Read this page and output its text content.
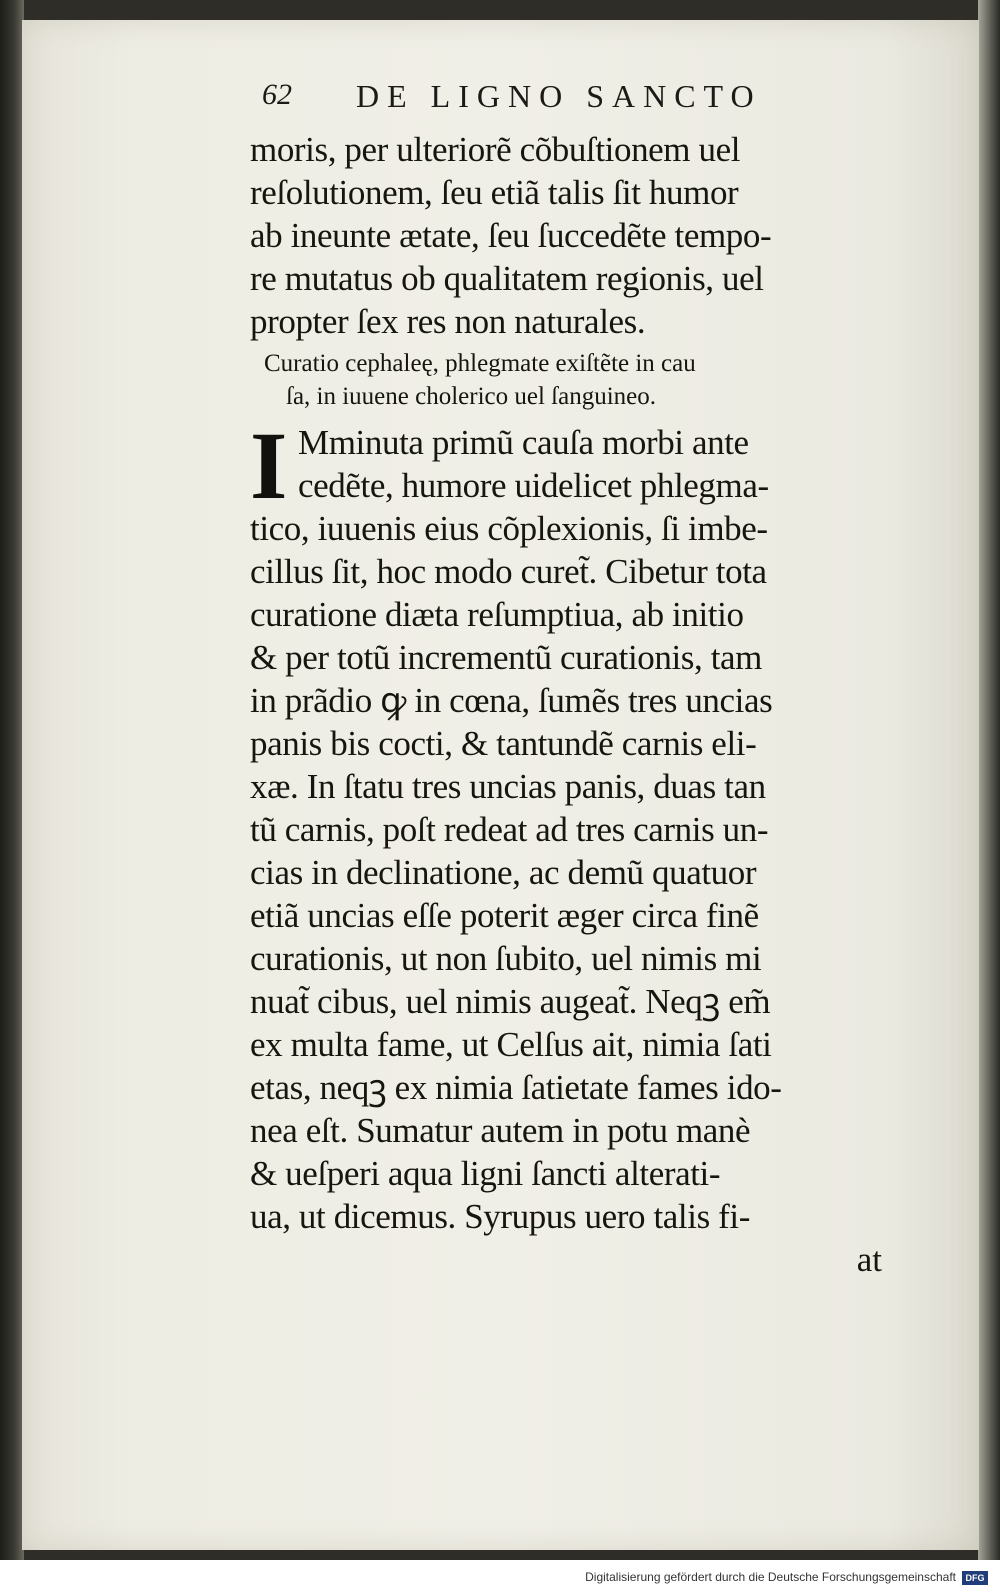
62 DE LIGNO SANCTO
moris, per ulteriorẽ cõbuſtionem uel
reſolutionem, ſeu etiã talis ſit humor
ab ineunte ætate, ſeu ſuccedẽte tempo-
re mutatus ob qualitatem regionis, uel
propter ſex res non naturales.
Curatio cephaleę, phlegmate exiſtẽte in cau
ſa, in iuuene cholerico uel ſanguineo.
I Mminuta primũ cauſa morbi ante
cedẽte, humore uidelicet phlegma-
tico, iuuenis eius cõplexionis, ſi imbe-
cillus ſit, hoc modo curet̃. Cibetur tota
curatione diæta reſumptiua, ab initio
& per totũ incrementũ curationis, tam
in prãdio ꝙ in cœna, ſumẽs tres uncias
panis bis cocti, & tantundẽ carnis eli-
xæ. In ſtatu tres uncias panis, duas tan
tũ carnis, poſt redeat ad tres carnis un-
cias in declinatione, ac demũ quatuor
etiã uncias eſſe poterit æger circa finẽ
curationis, ut non ſubito, uel nimis mi
nuat̃ cibus, uel nimis augeat̃. Neqꝫ em̃
ex multa fame, ut Celſus ait, nimia ſati
etas, neqꝫ ex nimia ſatietate fames ido-
nea eſt. Sumatur autem in potu manè
& ueſperi aqua ligni ſancti alterati-
ua, ut dicemus. Syrupus uero talis fi-
at
Digitalisierung gefördert durch die Deutsche Forschungsgemeinschaft	DFG
